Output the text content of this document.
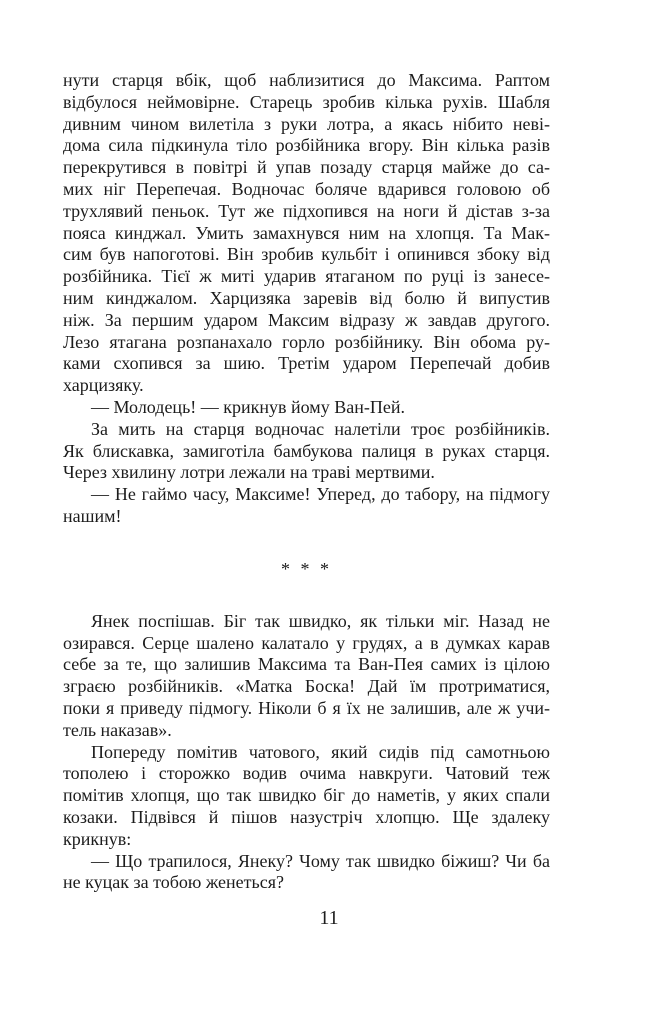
нути старця вбік, щоб наблизитися до Максима. Раптом
відбулося неймовірне. Старець зробив кілька рухів. Шабля
дивним чином вилетіла з руки лотра, а якась нібито неві-
дома сила підкинула тіло розбійника вгору. Він кілька разів
перекрутився в повітрі й упав позаду старця майже до са-
мих ніг Перепечая. Водночас боляче вдарився головою об
трухлявий пеньок. Тут же підхопився на ноги й дістав з-за
пояса кинджал. Умить замахнувся ним на хлопця. Та Мак-
сим був напоготові. Він зробив кульбіт і опинився збоку від
розбійника. Тієї ж миті ударив ятаганом по руці із занесе-
ним кинджалом. Харцизяка заревів від болю й випустив
ніж. За першим ударом Максим відразу ж завдав другого.
Лезо ятагана розпанахало горло розбійнику. Він обома ру-
ками схопився за шию. Третім ударом Перепечай добив
харцизяку.
— Молодець! — крикнув йому Ван-Пей.
За мить на старця водночас налетіли троє розбійників.
Як блискавка, замиготіла бамбукова палиця в руках старця.
Через хвилину лотри лежали на траві мертвими.
— Не гаймо часу, Максиме! Уперед, до табору, на підмогу
нашим!
* * *
Янек поспішав. Біг так швидко, як тільки міг. Назад не
озирався. Серце шалено калатало у грудях, а в думках карав
себе за те, що залишив Максима та Ван-Пея самих із цілою
зграєю розбійників. «Матка Боска! Дай їм протриматися,
поки я приведу підмогу. Ніколи б я їх не залишив, але ж учи-
тель наказав».
Попереду помітив чатового, який сидів під самотньою
тополею і сторожко водив очима навкруги. Чатовий теж
помітив хлопця, що так швидко біг до наметів, у яких спали
козаки. Підвівся й пішов назустріч хлопцю. Ще здалеку
крикнув:
— Що трапилося, Янеку? Чому так швидко біжиш? Чи ба
не куцак за тобою женеться?
11
